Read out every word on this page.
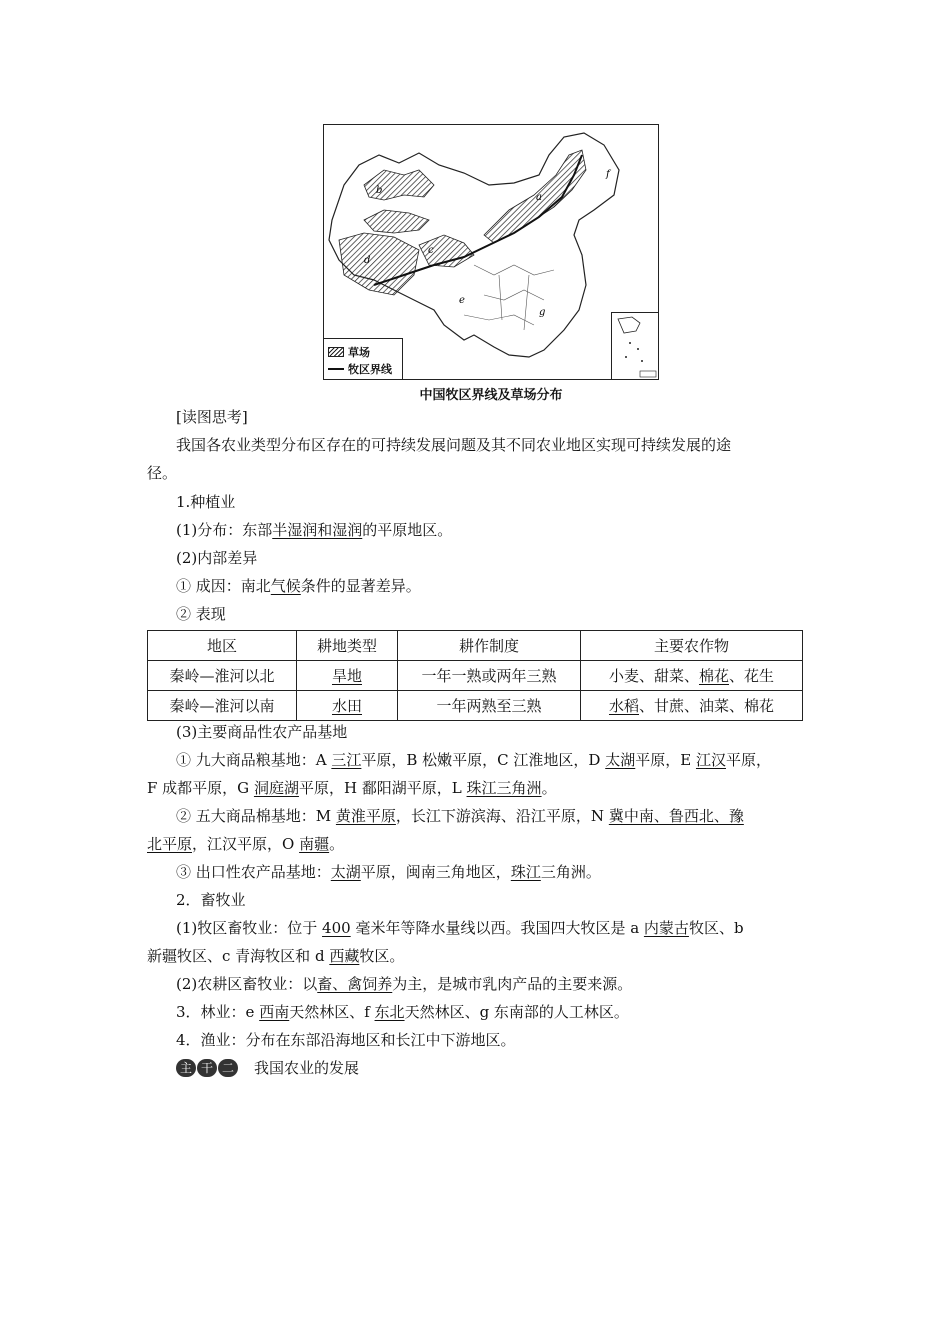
a
b
c
d
e
f
g
草场
牧区界线
中国牧区界线及草场分布
[读图思考]
我国各农业类型分布区存在的可持续发展问题及其不同农业地区实现可持续发展的途
径。
1.种植业
(1)分布：东部半湿润和湿润的平原地区。
(2)内部差异
① 成因：南北气候条件的显著差异。
② 表现
地区	耕地类型	耕作制度	主要农作物
秦岭—淮河以北	旱地	一年一熟或两年三熟	小麦、甜菜、棉花、花生
秦岭—淮河以南	水田	一年两熟至三熟	水稻、甘蔗、油菜、棉花
(3)主要商品性农产品基地
① 九大商品粮基地：A 三江平原，B 松嫩平原，C 江淮地区，D 太湖平原，E 江汉平原，
F 成都平原，G 洞庭湖平原，H 鄱阳湖平原，L 珠江三角洲。
② 五大商品棉基地：M 黄淮平原，长江下游滨海、沿江平原，N 冀中南、鲁西北、豫
北平原，江汉平原，O 南疆。
③ 出口性农产品基地：太湖平原，闽南三角地区，珠江三角洲。
2．畜牧业
(1)牧区畜牧业：位于 400 毫米年等降水量线以西。我国四大牧区是 a 内蒙古牧区、b
新疆牧区、c 青海牧区和 d 西藏牧区。
(2)农耕区畜牧业：以畜、禽饲养为主，是城市乳肉产品的主要来源。
3．林业：e 西南天然林区、f 东北天然林区、g 东南部的人工林区。
4．渔业：分布在东部沿海地区和长江中下游地区。
主 干 二 我国农业的发展
